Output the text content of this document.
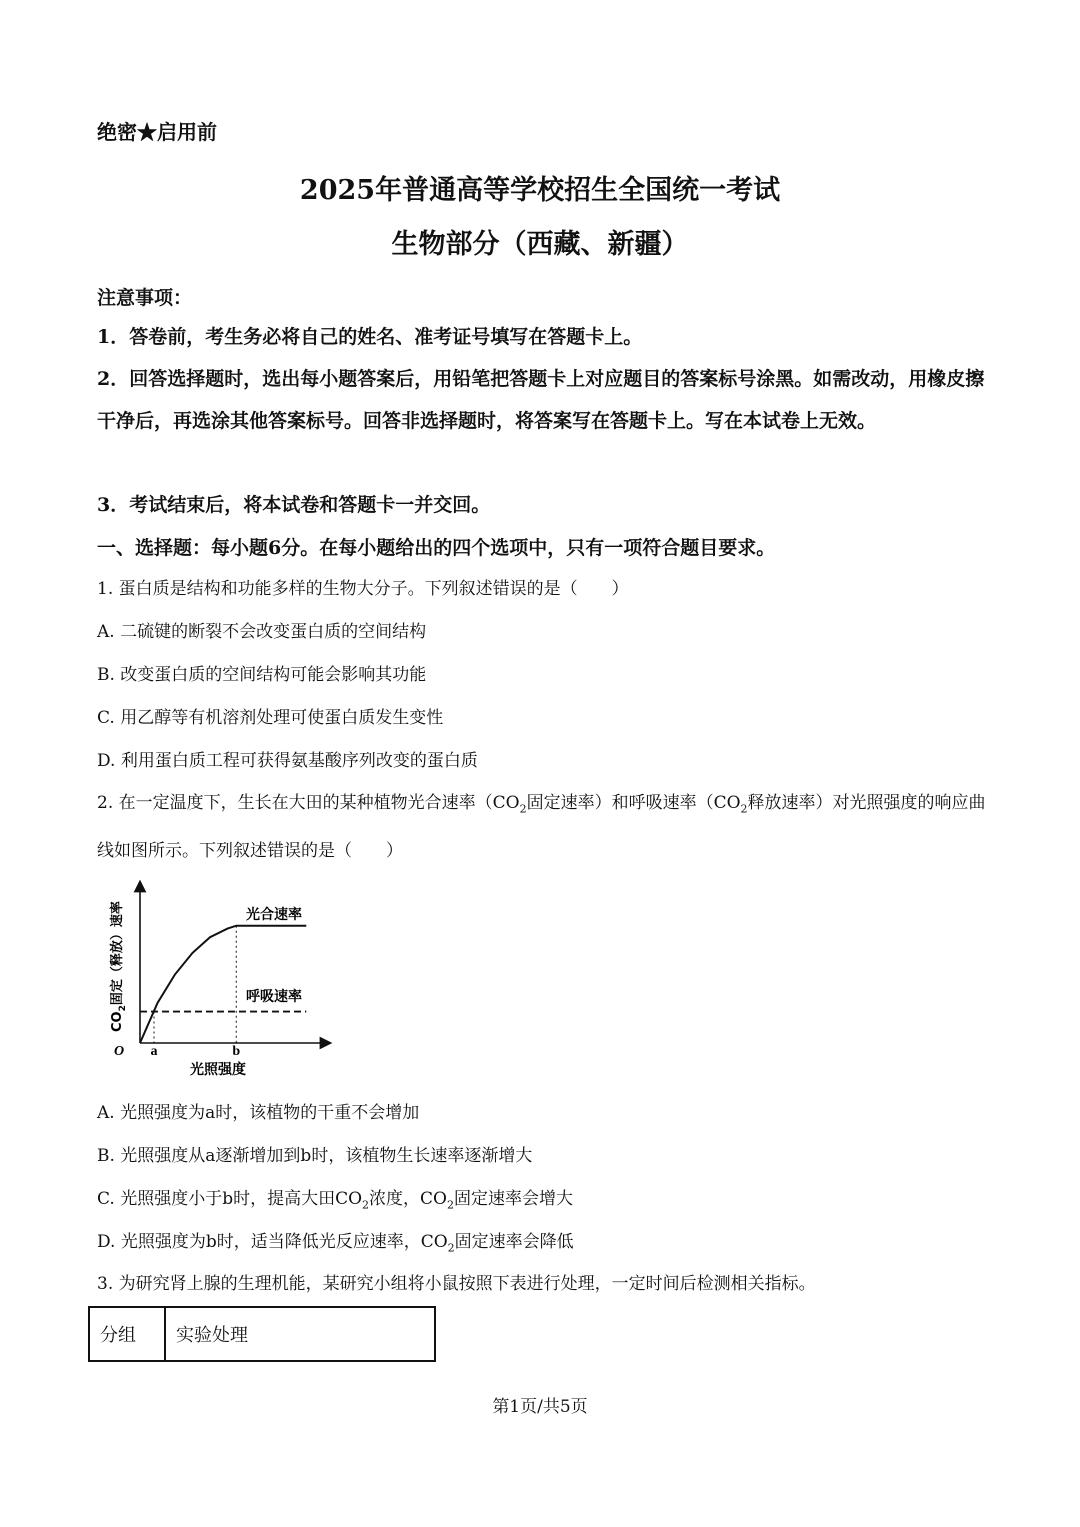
绝密★启用前
2025年普通高等学校招生全国统一考试
生物部分（西藏、新疆）
注意事项：
1．答卷前，考生务必将自己的姓名、准考证号填写在答题卡上。
2．回答选择题时，选出每小题答案后，用铅笔把答题卡上对应题目的答案标号涂黑。如需改动，用橡皮擦干净后，再选涂其他答案标号。回答非选择题时，将答案写在答题卡上。写在本试卷上无效。
3．考试结束后，将本试卷和答题卡一并交回。
一、选择题：每小题6分。在每小题给出的四个选项中，只有一项符合题目要求。
1. 蛋白质是结构和功能多样的生物大分子。下列叙述错误的是（　　）
A. 二硫键的断裂不会改变蛋白质的空间结构
B. 改变蛋白质的空间结构可能会影响其功能
C. 用乙醇等有机溶剂处理可使蛋白质发生变性
D. 利用蛋白质工程可获得氨基酸序列改变的蛋白质
2. 在一定温度下，生长在大田的某种植物光合速率（$CO_2$固定速率）和呼吸速率（$CO_2$释放速率）对光照强度的响应曲线如图所示。下列叙述错误的是（　　）
O a	b
光合速率
呼吸速率
光照强度
$CO_2$固定（释放）速率
A. 光照强度为a时，该植物的干重不会增加
B. 光照强度从a逐渐增加到b时，该植物生长速率逐渐增大
C. 光照强度小于b时，提高大田$CO_2$浓度，$CO_2$固定速率会增大
D. 光照强度为b时，适当降低光反应速率，$CO_2$固定速率会降低
3. 为研究肾上腺的生理机能，某研究小组将小鼠按照下表进行处理，一定时间后检测相关指标。
分组	实验处理
第1页/共5页
